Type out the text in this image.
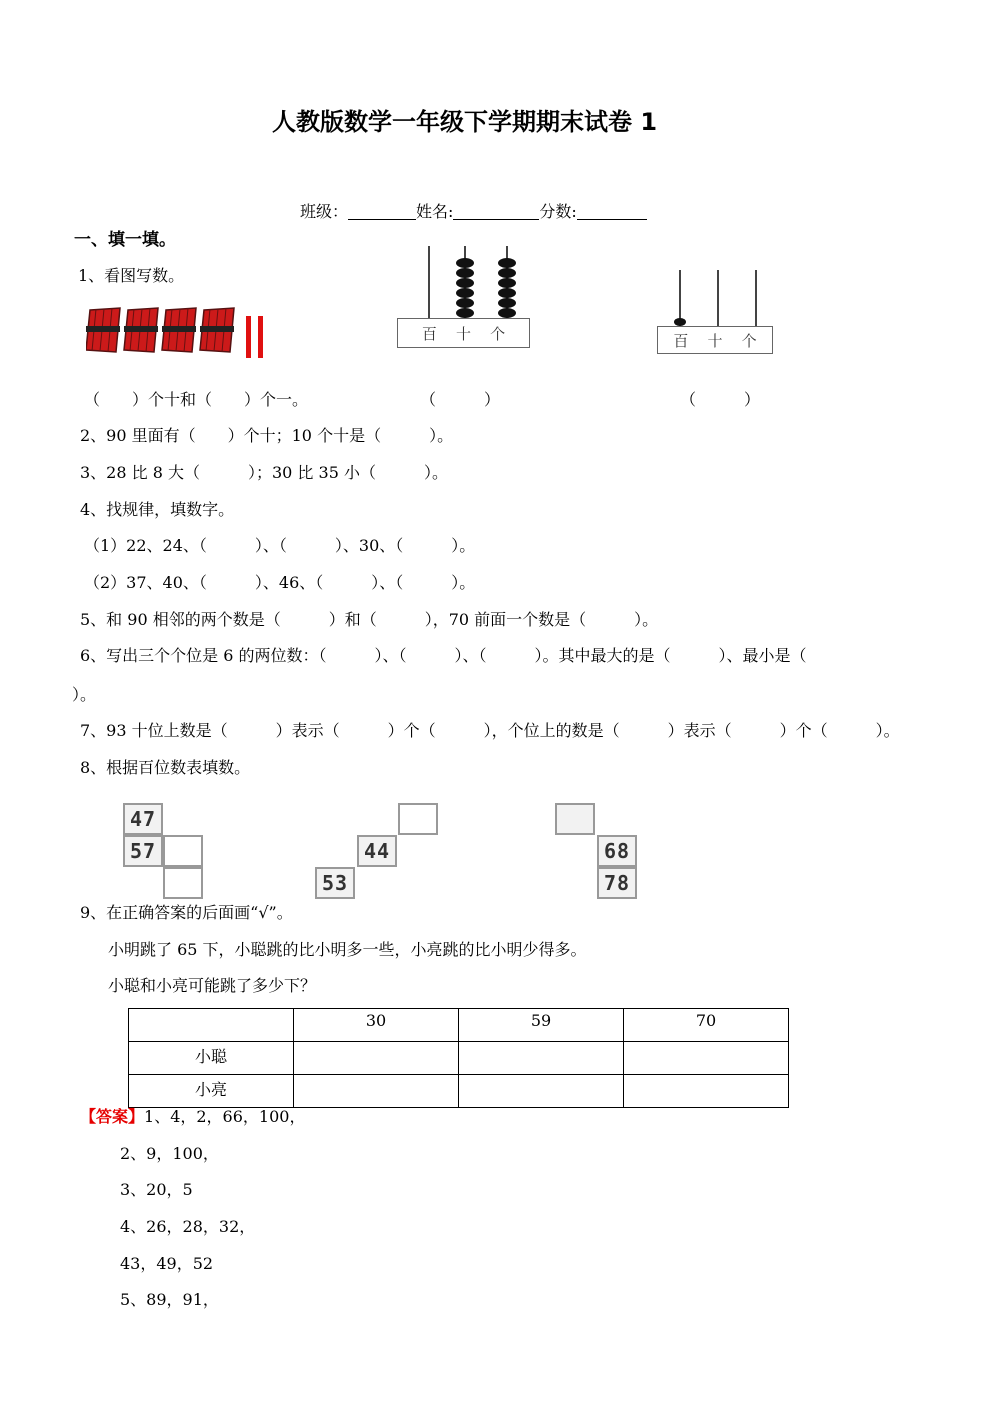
人教版数学一年级下学期期末试卷 1
班级：	姓名:	分数:
一、填一填。
1、看图写数。
百 十 个	百 十 个
（　　）个十和（　　）个一。	（　　　）	（　　　）
2、90 里面有（　　）个十；10 个十是（　　　）。
3、28 比 8 大（　　　）；30 比 35 小（　　　）。
4、找规律，填数字。
（1）22、24、（　　　）、（　　　）、30、（　　　）。
（2）37、40、（　　　）、46、（　　　）、（　　　）。
5、和 90 相邻的两个数是（　　　）和（　　　），70 前面一个数是（　　　）。
6、写出三个个位是 6 的两位数：（　　　）、（　　　）、（　　　）。其中最大的是（　　　）、最小是（
）。
7、93 十位上数是（　　　）表示（　　　）个（　　　），个位上的数是（　　　）表示（　　　）个（　　　）。
8、根据百位数表填数。
47
57	44
53
68
78
9、在正确答案的后面画“√”。
小明跳了 65 下，小聪跳的比小明多一些，小亮跳的比小明少得多。
小聪和小亮可能跳了多少下？
	30	59	70
小聪			
小亮			
【答案】1、4，2，66，100，
2、9，100，
3、20，5
4、26，28，32，
43，49，52
5、89，91，
